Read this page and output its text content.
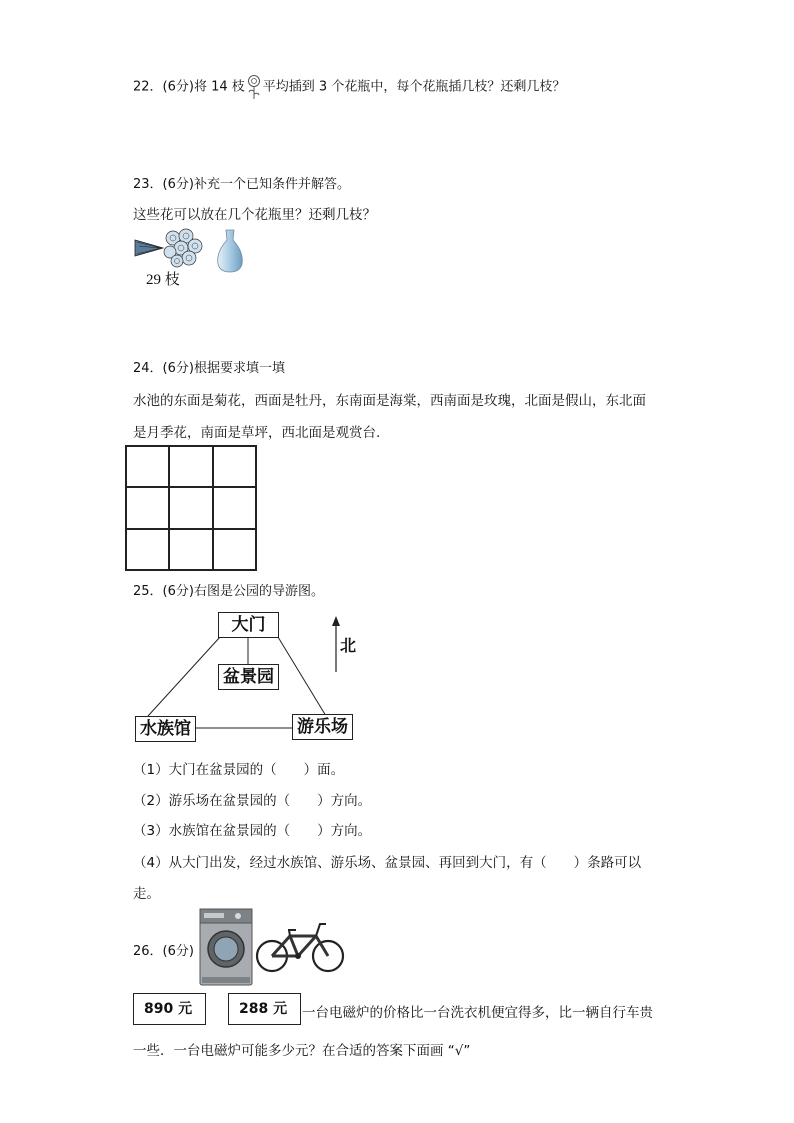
22．(6分)将 14 枝 平均插到 3 个花瓶中，每个花瓶插几枝？还剩几枝？
23．(6分)补充一个已知条件并解答。
这些花可以放在几个花瓶里？还剩几枝？
29 枝
24．(6分)根据要求填一填
水池的东面是菊花，西面是牡丹，东南面是海棠，西南面是玫瑰，北面是假山，东北面
是月季花，南面是草坪，西北面是观赏台.
25．(6分)右图是公园的导游图。
大门
盆景园
水族馆	游乐场
北
（1）大门在盆景园的（　　）面。
（2）游乐场在盆景园的（　　）方向。
（3）水族馆在盆景园的（　　）方向。
（4）从大门出发，经过水族馆、游乐场、盆景园、再回到大门，有（　　）条路可以
走。
26．(6分)
890 元	288 元	一台电磁炉的价格比一台洗衣机便宜得多，比一辆自行车贵
一些．一台电磁炉可能多少元？在合适的答案下面画 “√”
